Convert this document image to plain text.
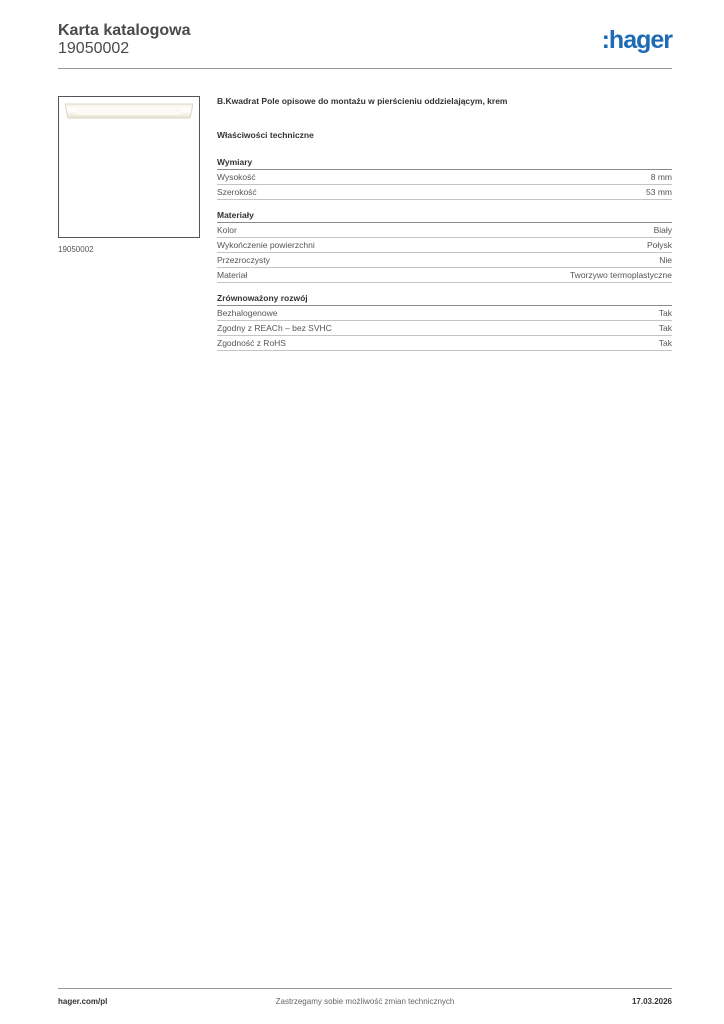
Karta katalogowa
19050002	:hager
19050002
B.Kwadrat Pole opisowe do montażu w pierścieniu oddzielającym, krem
Właściwości techniczne
Wymiary
Wysokość	8 mm
Szerokość	53 mm
Materiały
Kolor	Biały
Wykończenie powierzchni	Połysk
Przezroczysty	Nie
Materiał	Tworzywo termoplastyczne
Zrównoważony rozwój
Bezhalogenowe	Tak
Zgodny z REACh – bez SVHC	Tak
Zgodność z RoHS	Tak
hager.com/pl	Zastrzegamy sobie możliwość zmian technicznych	17.03.2026
